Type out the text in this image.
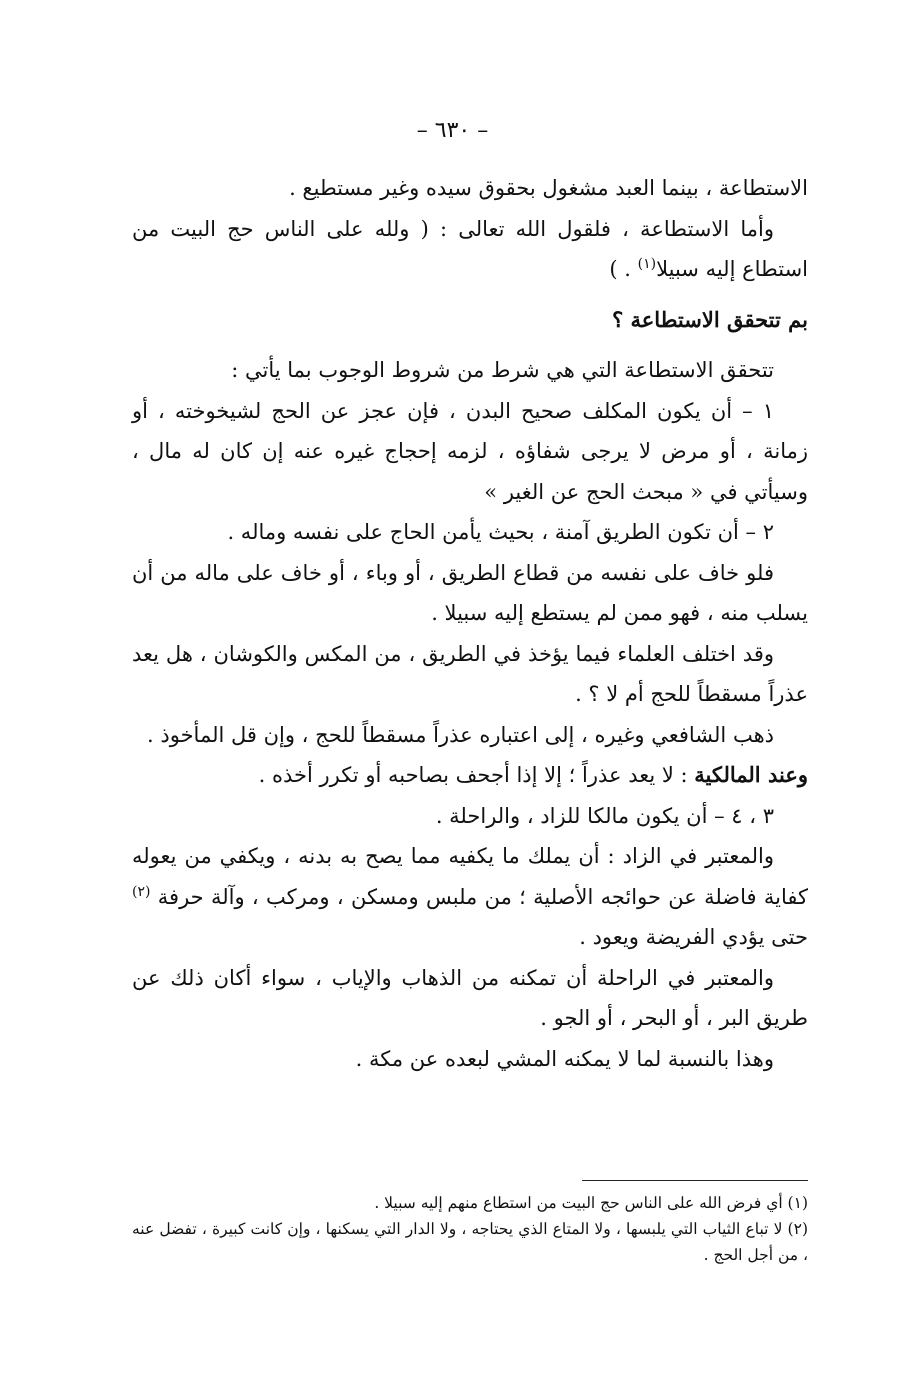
– ٦٣٠ –

الاستطاعة ، بينما العبد مشغول بحقوق سيده وغير مستطيع .

وأما الاستطاعة ، فلقول الله تعالى : ( ولله على الناس حج البيت من استطاع إليه سبيلا$^{(١)}$ . )

بم تتحقق الاستطاعة ؟

تتحقق الاستطاعة التي هي شرط من شروط الوجوب بما يأتي :

١ – أن يكون المكلف صحيح البدن ، فإن عجز عن الحج لشيخوخته ، أو زمانة ، أو مرض لا يرجى شفاؤه ، لزمه إحجاج غيره عنه إن كان له مال ، وسيأتي في « مبحث الحج عن الغير »

٢ – أن تكون الطريق آمنة ، بحيث يأمن الحاج على نفسه وماله .

فلو خاف على نفسه من قطاع الطريق ، أو وباء ، أو خاف على ماله من أن يسلب منه ، فهو ممن لم يستطع إليه سبيلا .

وقد اختلف العلماء فيما يؤخذ في الطريق ، من المكس والكوشان ، هل يعد عذراً مسقطاً للحج أم لا ؟ .

ذهب الشافعي وغيره ، إلى اعتباره عذراً مسقطاً للحج ، وإن قل المأخوذ .

وعند المالكية : لا يعد عذراً ؛ إلا إذا أجحف بصاحبه أو تكرر أخذه .

٣ ، ٤ – أن يكون مالكا للزاد ، والراحلة .

والمعتبر في الزاد : أن يملك ما يكفيه مما يصح به بدنه ، ويكفي من يعوله كفاية فاضلة عن حوائجه الأصلية ؛ من ملبس ومسكن ، ومركب ، وآلة حرفة $^{(٢)}$ حتى يؤدي الفريضة ويعود .

والمعتبر في الراحلة أن تمكنه من الذهاب والإياب ، سواء أكان ذلك عن طريق البر ، أو البحر ، أو الجو .

وهذا بالنسبة لما لا يمكنه المشي لبعده عن مكة .

(١) أي فرض الله على الناس حج البيت من استطاع منهم إليه سبيلا .

(٢) لا تباع الثياب التي يلبسها ، ولا المتاع الذي يحتاجه ، ولا الدار التي يسكنها ، وإن كانت كبيرة ، تفضل عنه ، من أجل الحج .
